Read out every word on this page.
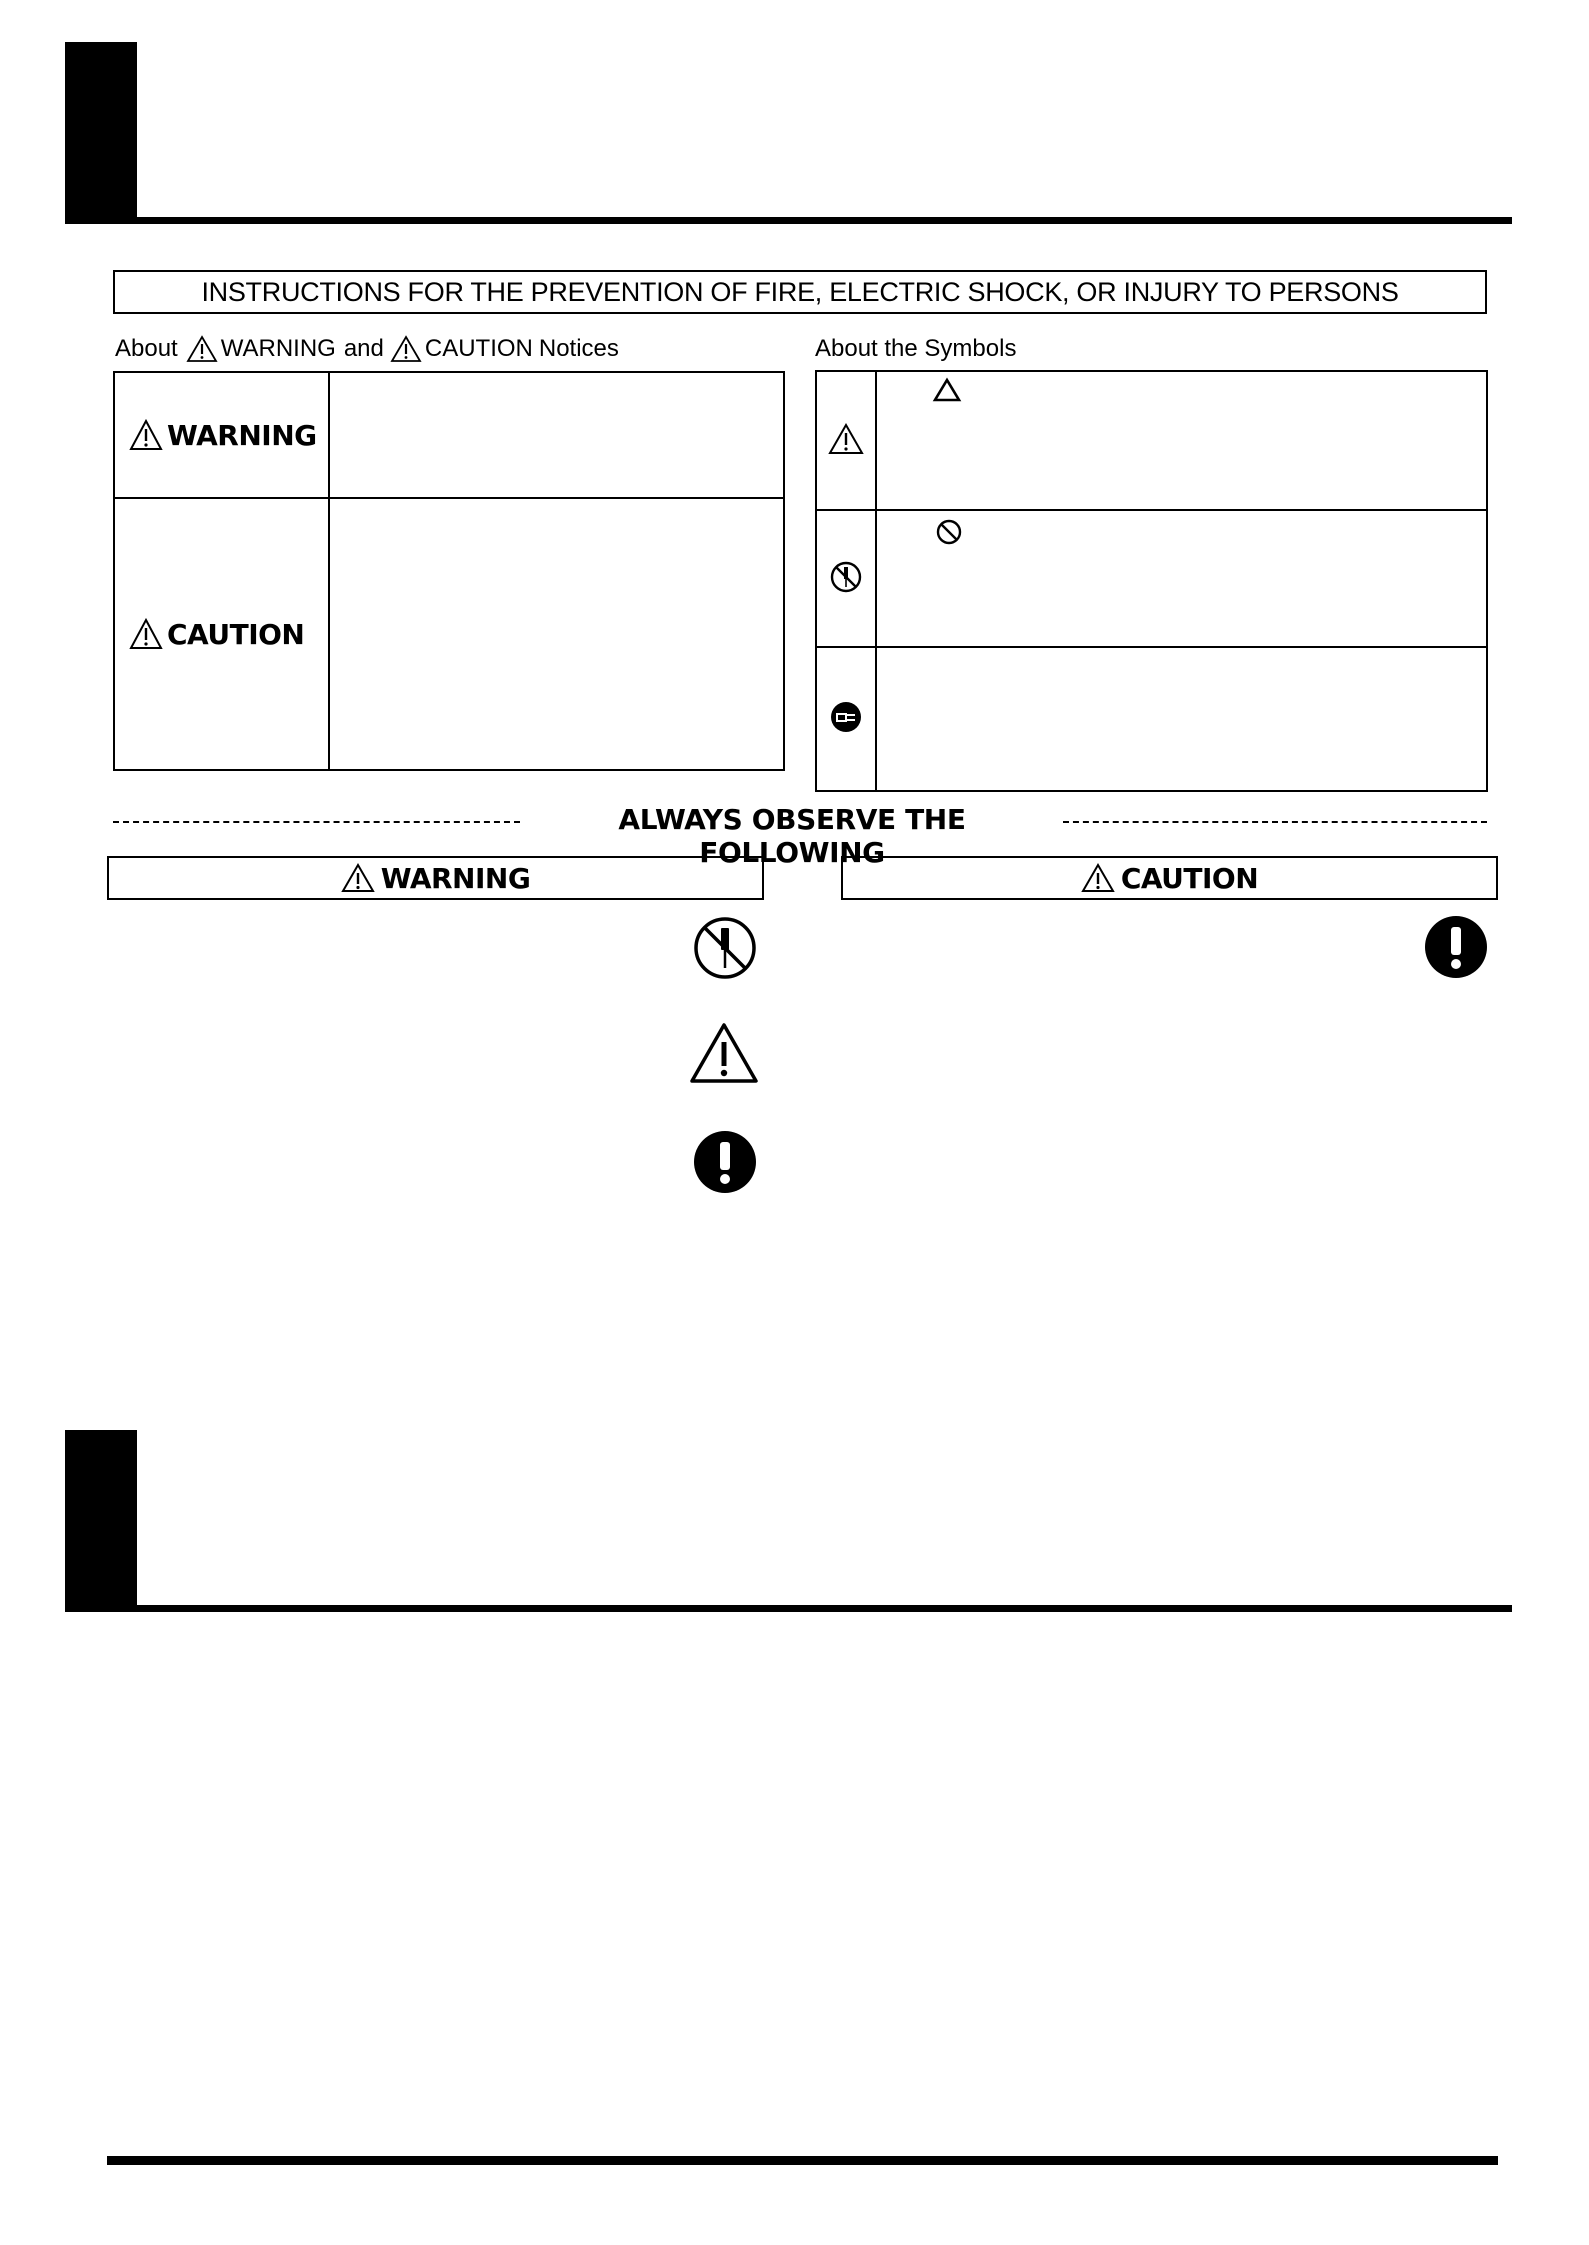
INSTRUCTIONS FOR THE PREVENTION OF FIRE, ELECTRIC SHOCK, OR INJURY TO PERSONS
About WARNING and CAUTION Notices
WARNING	

CAUTION	

About the Symbols

ALWAYS OBSERVE THE FOLLOWING
WARNING	CAUTION
